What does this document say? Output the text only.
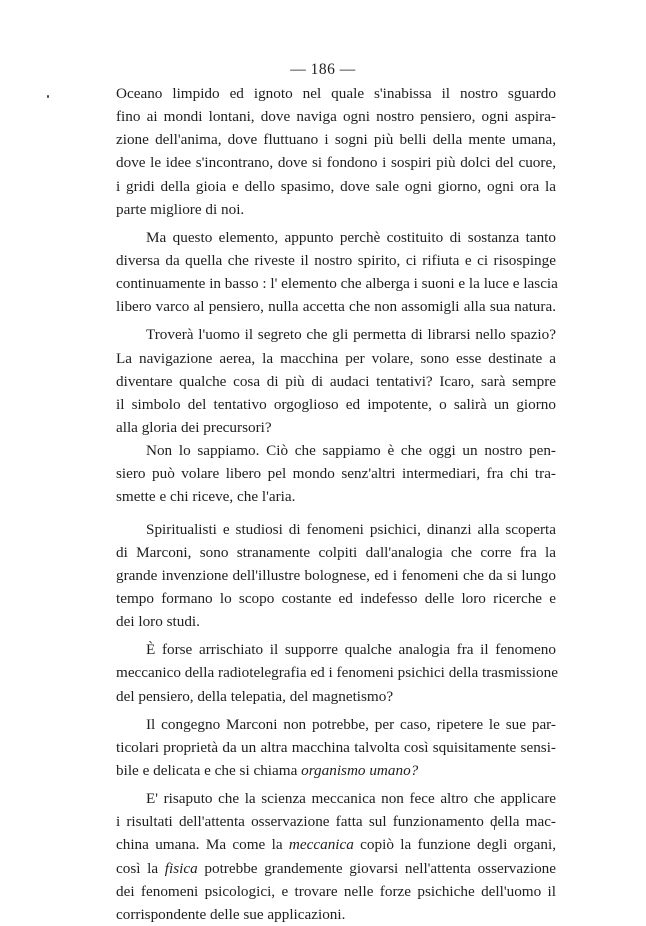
— 186 —

Oceano limpido ed ignoto nel quale s'inabissa il nostro sguardo
fino ai mondi lontani, dove naviga ogni nostro pensiero, ogni aspira-
zione dell'anima, dove fluttuano i sogni più belli della mente umana,
dove le idee s'incontrano, dove si fondono i sospiri più dolci del cuore,
i gridi della gioia e dello spasimo, dove sale ogni giorno, ogni ora la
parte migliore di noi.

Ma questo elemento, appunto perchè costituito di sostanza tanto
diversa da quella che riveste il nostro spirito, ci rifiuta e ci risospinge
continuamente in basso : l' elemento che alberga i suoni e la luce e lascia
libero varco al pensiero, nulla accetta che non assomigli alla sua natura.

Troverà l'uomo il segreto che gli permetta di librarsi nello spazio?
La navigazione aerea, la macchina per volare, sono esse destinate a
diventare qualche cosa di più di audaci tentativi? Icaro, sarà sempre
il simbolo del tentativo orgoglioso ed impotente, o salirà un giorno
alla gloria dei precursori?

Non lo sappiamo. Ciò che sappiamo è che oggi un nostro pen-
siero può volare libero pel mondo senz'altri intermediari, fra chi tra-
smette e chi riceve, che l'aria.

Spiritualisti e studiosi di fenomeni psichici, dinanzi alla scoperta
di Marconi, sono stranamente colpiti dall'analogia che corre fra la
grande invenzione dell'illustre bolognese, ed i fenomeni che da si lungo
tempo formano lo scopo costante ed indefesso delle loro ricerche e
dei loro studi.

È forse arrischiato il supporre qualche analogia fra il fenomeno
meccanico della radiotelegrafia ed i fenomeni psichici della trasmissione
del pensiero, della telepatia, del magnetismo?

Il congegno Marconi non potrebbe, per caso, ripetere le sue par-
ticolari proprietà da un altra macchina talvolta così squisitamente sensi-
bile e delicata e che si chiama organismo umano?

E' risaputo che la scienza meccanica non fece altro che applicare
i risultati dell'attenta osservazione fatta sul funzionamento della mac-
china umana. Ma come la meccanica copiò la funzione degli organi,
così la fisica potrebbe grandemente giovarsi nell'attenta osservazione
dei fenomeni psicologici, e trovare nelle forze psichiche dell'uomo il
corrispondente delle sue applicazioni.
